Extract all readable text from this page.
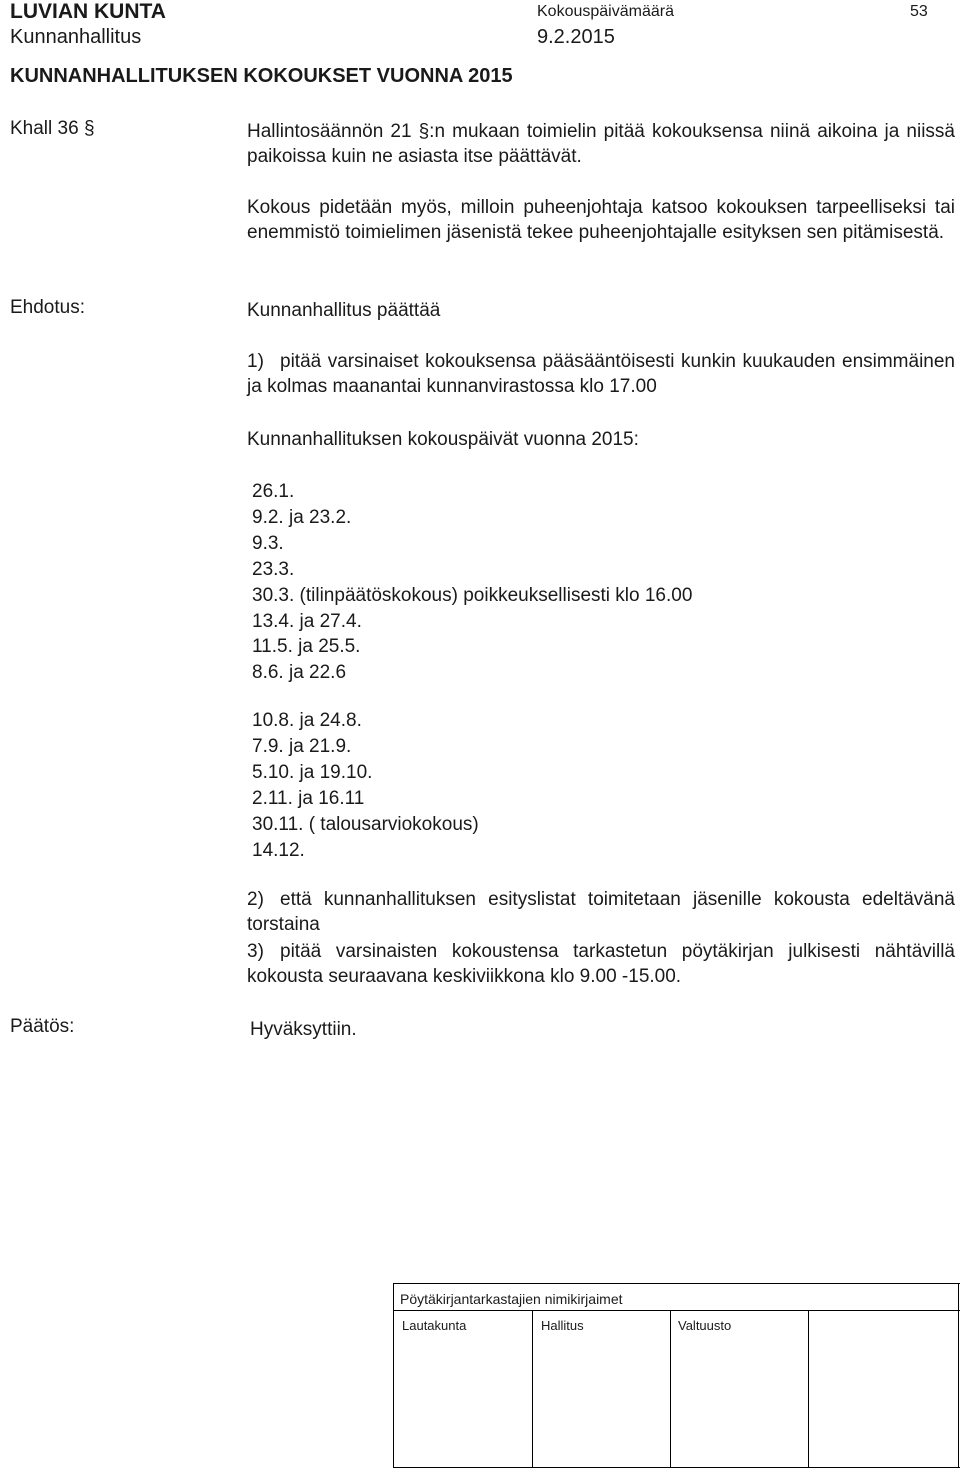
LUVIAN KUNTA
Kunnanhallitus
Kokouspäivämäärä
9.2.2015
53
KUNNANHALLITUKSEN KOKOUKSET VUONNA 2015
Khall 36 §	Hallintosäännön 21 §:n mukaan toimielin pitää kokouksensa niinä aikoina ja niissä paikoissa kuin ne asiasta itse päättävät.
Kokous pidetään myös, milloin puheenjohtaja katsoo kokouksen tarpeelliseksi tai enemmistö toimielimen jäsenistä tekee puheenjohtajalle esityksen sen pitämisestä.
Ehdotus:	Kunnanhallitus päättää
1) pitää varsinaiset kokouksensa pääsääntöisesti kunkin kuukauden ensimmäinen ja kolmas maanantai kunnanvirastossa klo 17.00
Kunnanhallituksen kokouspäivät vuonna 2015:
26.1.
9.2. ja 23.2.
9.3.
23.3.
30.3. (tilinpäätöskokous) poikkeuksellisesti klo 16.00
13.4. ja 27.4.
11.5. ja 25.5.
8.6. ja 22.6
10.8. ja 24.8.
7.9. ja 21.9.
5.10. ja 19.10.
2.11. ja 16.11
30.11. ( talousarviokokous)
14.12.
2) että kunnanhallituksen esityslistat toimitetaan jäsenille kokousta edeltävänä torstaina
3) pitää varsinaisten kokoustensa tarkastetun pöytäkirjan julkisesti nähtävillä kokousta seuraavana keskiviikkona klo 9.00 -15.00.
Päätös:	Hyväksyttiin.
Pöytäkirjantarkastajien nimikirjaimet
Lautakunta	Hallitus	Valtuusto
